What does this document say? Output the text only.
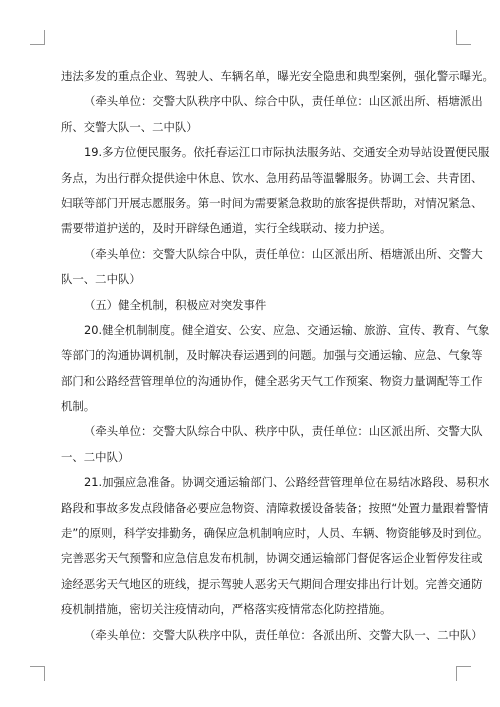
违法多发的重点企业、驾驶人、车辆名单，曝光安全隐患和典型案例，强化警示曝光。
（牵头单位：交警大队秩序中队、综合中队，责任单位：山区派出所、梧塘派出
所、交警大队一、二中队）
19.多方位便民服务。依托春运江口市际执法服务站、交通安全劝导站设置便民服
务点，为出行群众提供途中休息、饮水、急用药品等温馨服务。协调工会、共青团、
妇联等部门开展志愿服务。第一时间为需要紧急救助的旅客提供帮助，对情况紧急、
需要带道护送的，及时开辟绿色通道，实行全线联动、接力护送。
（牵头单位：交警大队综合中队，责任单位：山区派出所、梧塘派出所、交警大
队一、二中队）
（五）健全机制，积极应对突发事件
20.健全机制制度。健全道安、公安、应急、交通运输、旅游、宣传、教育、气象
等部门的沟通协调机制，及时解决春运遇到的问题。加强与交通运输、应急、气象等
部门和公路经营管理单位的沟通协作，健全恶劣天气工作预案、物资力量调配等工作
机制。
（牵头单位：交警大队综合中队、秩序中队，责任单位：山区派出所、交警大队
一、二中队）
21.加强应急准备。协调交通运输部门、公路经营管理单位在易结冰路段、易积水
路段和事故多发点段储备必要应急物资、清障救援设备装备；按照“处置力量跟着警情
走”的原则，科学安排勤务，确保应急机制响应时，人员、车辆、物资能够及时到位。
完善恶劣天气预警和应急信息发布机制，协调交通运输部门督促客运企业暂停发往或
途经恶劣天气地区的班线，提示驾驶人恶劣天气期间合理安排出行计划。完善交通防
疫机制措施，密切关注疫情动向，严格落实疫情常态化防控措施。
（牵头单位：交警大队秩序中队，责任单位：各派出所、交警大队一、二中队）
